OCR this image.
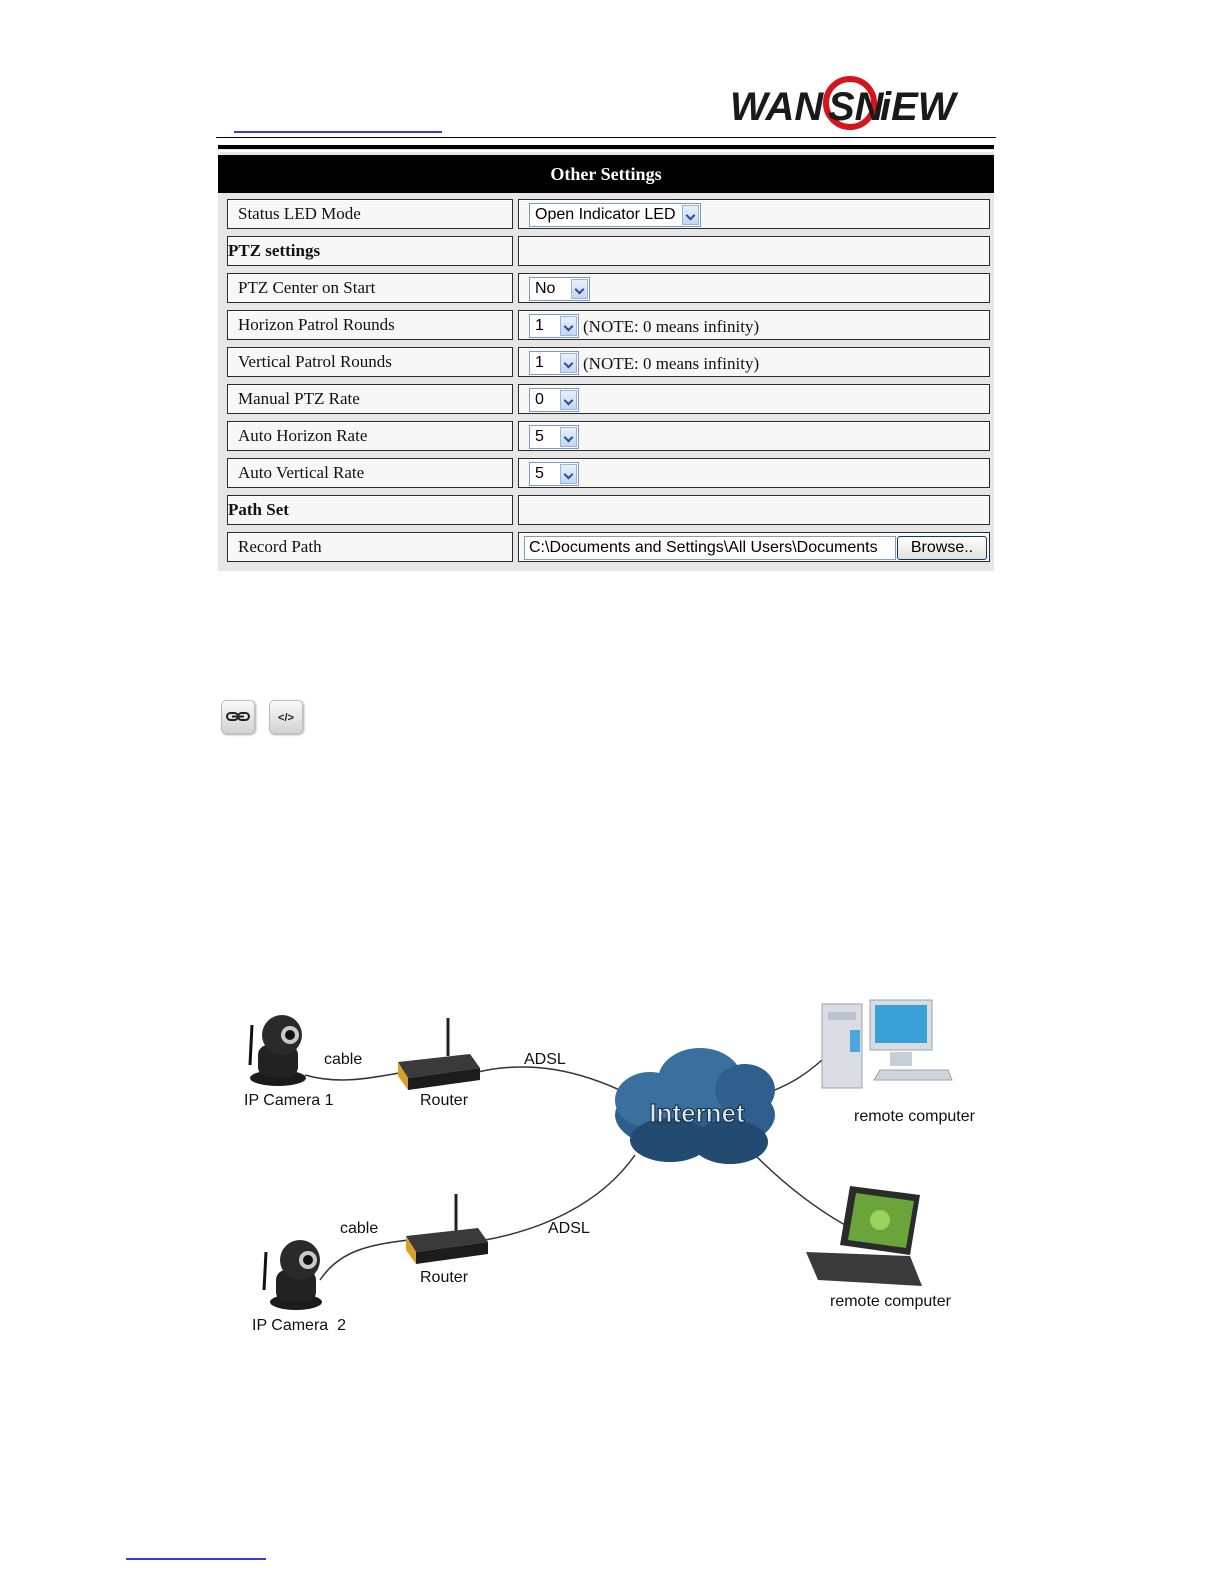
WAN SN
iEW
Other Settings
Status LED Mode	Open Indicator LED
PTZ settings
PTZ Center on Start	No
Horizon Patrol Rounds	1	(NOTE: 0 means infinity)
Vertical Patrol Rounds	1	(NOTE: 0 means infinity)
Manual PTZ Rate	0
Auto Horizon Rate	5
Auto Vertical Rate	5
Path Set
Record Path	C:\Documents and Settings\All Users\Documents	Browse..
</>
Internet
cable	ADSL
IP Camera 1	Router
remote computer
cable	ADSL
Router
remote computer
IP Camera  2
